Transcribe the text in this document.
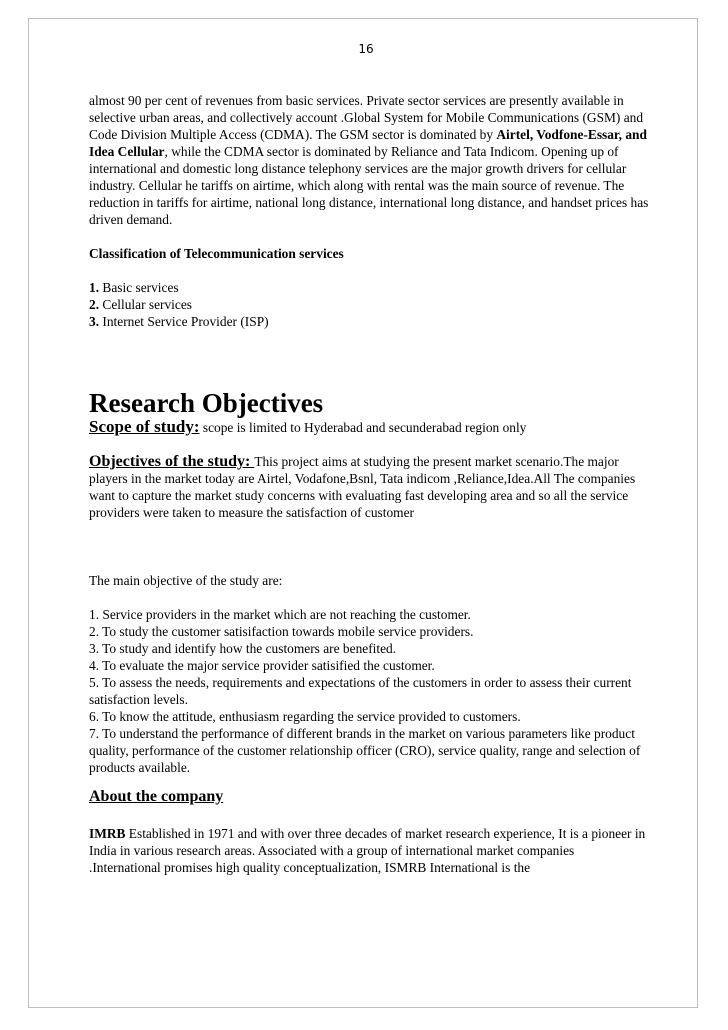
16

almost 90 per cent of revenues from basic services. Private sector services are presently available in selective urban areas, and collectively account .Global System for Mobile Communications (GSM) and Code Division Multiple Access (CDMA). The GSM sector is dominated by Airtel, Vodfone-Essar, and Idea Cellular, while the CDMA sector is dominated by Reliance and Tata Indicom. Opening up of international and domestic long distance telephony services are the major growth drivers for cellular industry. Cellular he tariffs on airtime, which along with rental was the main source of revenue. The reduction in tariffs for airtime, national long distance, international long distance, and handset prices has driven demand.

Classification of Telecommunication services

1. Basic services

2. Cellular services

3. Internet Service Provider (ISP)

Research Objectives

Scope of study: scope is limited to Hyderabad and secunderabad region only

Objectives of the study: This project aims at studying the present market scenario.The major players in the market today are Airtel, Vodafone,Bsnl, Tata indicom ,Reliance,Idea.All The companies want to capture the market study concerns with evaluating fast developing area and so all the service providers were taken to measure the satisfaction of customer

The main objective of the study are:

1. Service providers in the market which are not reaching the customer.

2. To study the customer satisifaction towards mobile service providers.

3. To study and identify how the customers are benefited.

4. To evaluate the major service provider satisified the customer.

5. To assess the needs, requirements and expectations of the customers in order to assess their current satisfaction levels.

6. To know the attitude, enthusiasm regarding the service provided to customers.

7. To understand the performance of different brands in the market on various parameters like product quality, performance of the customer relationship officer (CRO), service quality, range and selection of products available.

About the company

IMRB Established in 1971 and with over three decades of market research experience, It is a pioneer in India in various research areas. Associated with a group of international market companies .International promises high quality conceptualization, ISMRB International is the
